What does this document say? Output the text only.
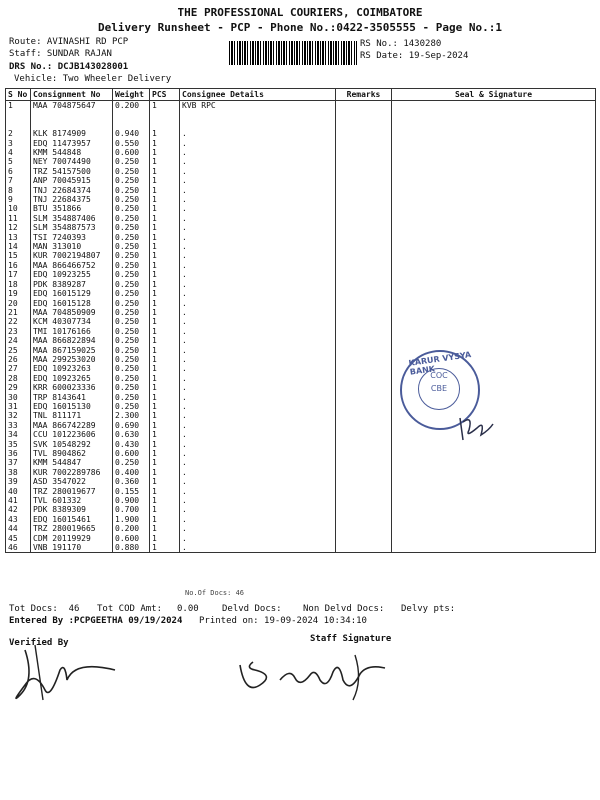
THE PROFESSIONAL COURIERS, COIMBATORE
Delivery Runsheet - PCP - Phone No.:0422-3505555 - Page No.:1
Route: AVINASHI RD PCP
Staff: SUNDAR RAJAN
RS No.: 1430280
RS Date: 19-Sep-2024
DRS No.: DCJB143028001
Vehicle: Two Wheeler Delivery
S No	Consignment No	Weight	PCS	Consignee Details	Remarks	Seal & Signature
1	MAA 704875647	0.200	1	KVB RPC		

2	KLK 8174909	0.940	1	.		
3	EDQ 11473957	0.550	1	.		
4	KMM 544848	0.600	1	.		
5	NEY 70074490	0.250	1	.		
6	TRZ 54157500	0.250	1	.		
7	ANP 70045915	0.250	1	.		
8	TNJ 22684374	0.250	1	.		
9	TNJ 22684375	0.250	1	.		
10	BTU 351866	0.250	1	.		
11	SLM 354887406	0.250	1	.		
12	SLM 354887573	0.250	1	.		
13	TSI 7240393	0.250	1	.		
14	MAN 313010	0.250	1	.		
15	KUR 7002194807	0.250	1	.		
16	MAA 866466752	0.250	1	.		
17	EDQ 10923255	0.250	1	.		
18	PDK 8389287	0.250	1	.		
19	EDQ 16015129	0.250	1	.		
20	EDQ 16015128	0.250	1	.		
21	MAA 704850909	0.250	1	.		
22	KCM 40307734	0.250	1	.		
23	TMI 10176166	0.250	1	.		
24	MAA 866822894	0.250	1	.		
25	MAA 867159025	0.250	1	.		
26	MAA 299253020	0.250	1	.		
27	EDQ 10923263	0.250	1	.		
28	EDQ 10923265	0.250	1	.		
29	KRR 600023336	0.250	1	.		
30	TRP 8143641	0.250	1	.		
31	EDQ 16015130	0.250	1	.		
32	TNL 811171	2.300	1	.		
33	MAA 866742289	0.690	1	.		
34	CCU 101223606	0.630	1	.		
35	SVK 10548292	0.430	1	.		
36	TVL 8904862	0.600	1	.		
37	KMM 544847	0.250	1	.		
38	KUR 7002289786	0.400	1	.		
39	ASD 3547022	0.360	1	.		
40	TRZ 280019677	0.155	1	.		
41	TVL 601332	0.900	1	.		
42	PDK 8389309	0.700	1	.		
43	EDQ 16015461	1.900	1	.		
44	TRZ 280019665	0.200	1	.		
45	CDM 20119929	0.600	1	.		
46	VNB 191170	0.880	1	.		
No.Of Docs: 46
Tot Docs:  46 Tot COD Amt: 0.00	Delvd Docs: Non Delvd Docs: Delvy pts:
Entered By :PCPGEETHA 09/19/2024 Printed on: 19-09-2024 10:34:10
Verified By	Staff Signature
KARUR VYSYA BANK
COC
CBE
